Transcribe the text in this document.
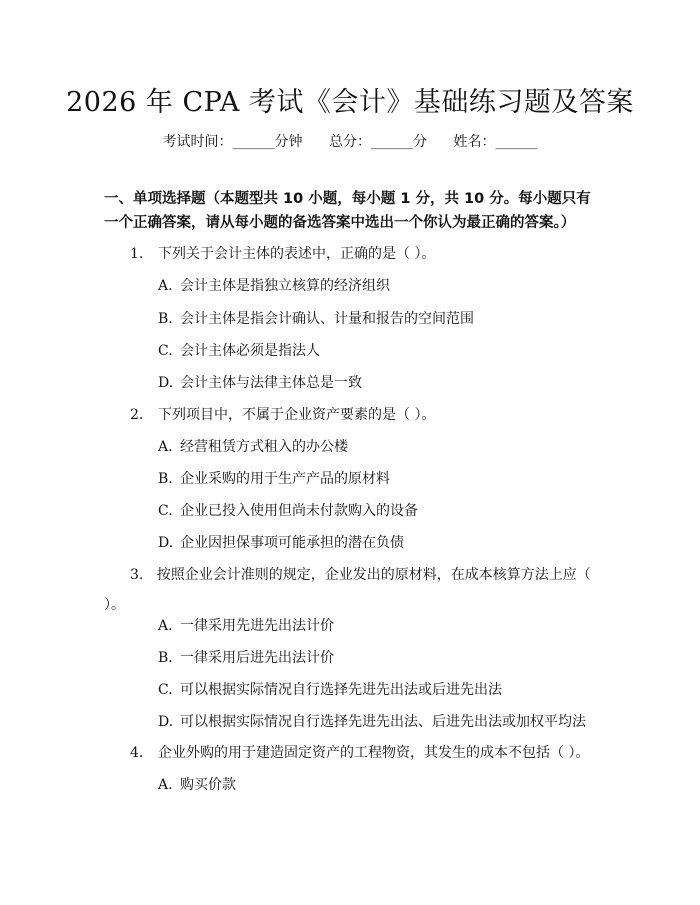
2026 年 CPA 考试《会计》基础练习题及答案
考试时间：______分钟 总分：______分 姓名：______
一、单项选择题（本题型共 10 小题，每小题 1 分，共 10 分。每小题只有一个正确答案，请从每小题的备选答案中选出一个你认为最正确的答案。）
1. 下列关于会计主体的表述中，正确的是（ ）。
A. 会计主体是指独立核算的经济组织
B. 会计主体是指会计确认、计量和报告的空间范围
C. 会计主体必须是指法人
D. 会计主体与法律主体总是一致
2. 下列项目中，不属于企业资产要素的是（ ）。
A. 经营租赁方式租入的办公楼
B. 企业采购的用于生产产品的原材料
C. 企业已投入使用但尚未付款购入的设备
D. 企业因担保事项可能承担的潜在负债
3. 按照企业会计准则的规定，企业发出的原材料，在成本核算方法上应（ ）。
A. 一律采用先进先出法计价
B. 一律采用后进先出法计价
C. 可以根据实际情况自行选择先进先出法或后进先出法
D. 可以根据实际情况自行选择先进先出法、后进先出法或加权平均法
4. 企业外购的用于建造固定资产的工程物资，其发生的成本不包括（ ）。
A. 购买价款
